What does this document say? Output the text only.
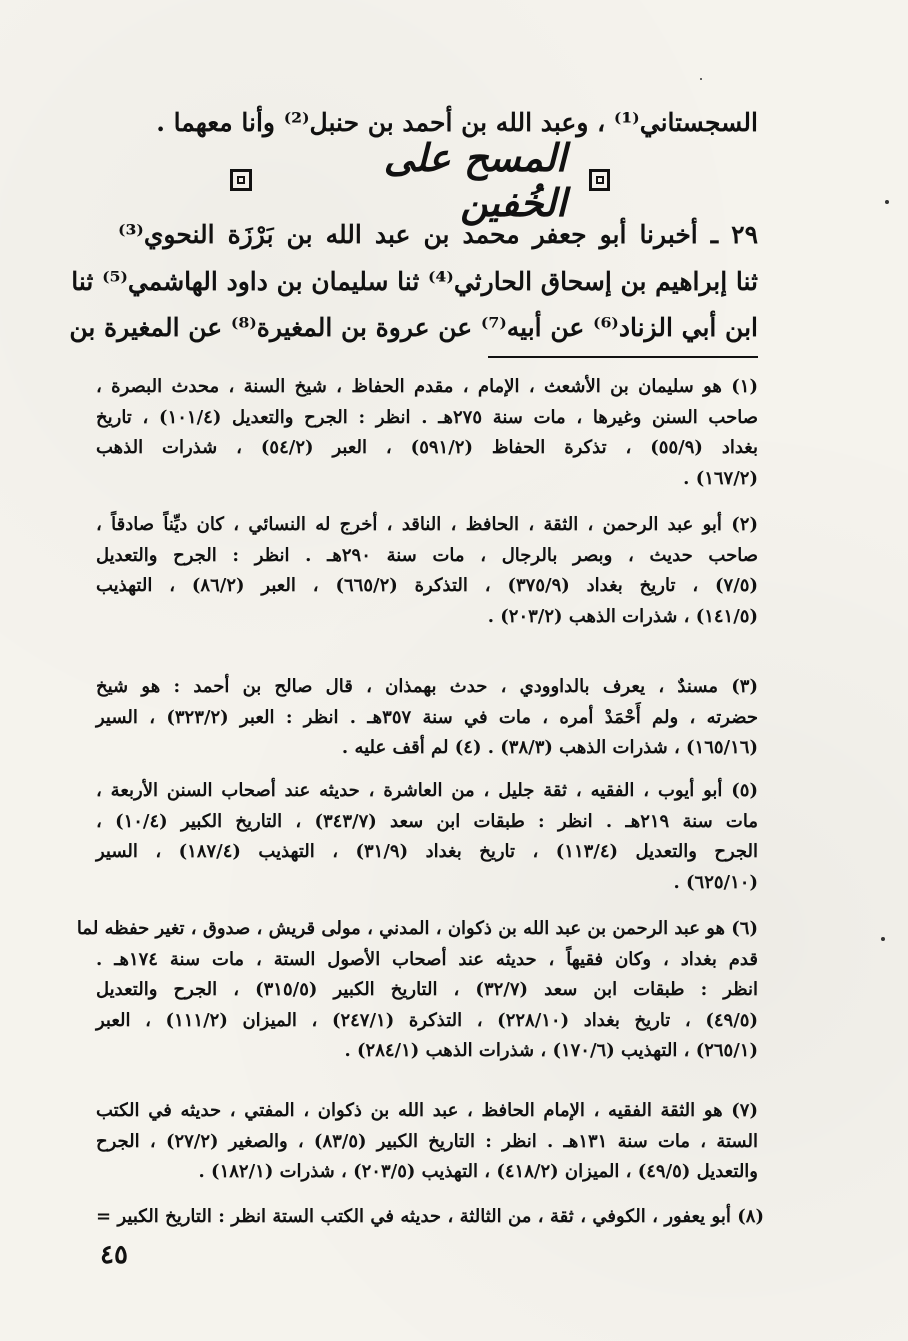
السجستاني⁽¹⁾ ، وعبد الله بن أحمد بن حنبل⁽²⁾ وأنا معهما .
المسح على الخُفين
٢٩ ـ أخبرنا أبو جعفر محمد بن عبد الله بن بَرْزَة النحوي⁽³⁾
ثنا إبراهيم بن إسحاق الحارثي⁽⁴⁾ ثنا سليمان بن داود الهاشمي⁽⁵⁾ ثنا
ابن أبي الزناد⁽⁶⁾ عن أبيه⁽⁷⁾ عن عروة بن المغيرة⁽⁸⁾ عن المغيرة بن
(١) هو سليمان بن الأشعث ، الإمام ، مقدم الحفاظ ، شيخ السنة ، محدث البصرة ،
صاحب السنن وغيرها ، مات سنة ٢٧٥هـ . انظر : الجرح والتعديل (١٠١/٤) ، تاريخ
بغداد (٥٥/٩) ، تذكرة الحفاظ (٥٩١/٢) ، العبر (٥٤/٢) ، شذرات الذهب
(١٦٧/٢) .
(٢) أبو عبد الرحمن ، الثقة ، الحافظ ، الناقد ، أخرج له النسائي ، كان ديِّناً صادقاً ،
صاحب حديث ، وبصر بالرجال ، مات سنة ٢٩٠هـ . انظر : الجرح والتعديل
(٧/٥) ، تاريخ بغداد (٣٧٥/٩) ، التذكرة (٦٦٥/٢) ، العبر (٨٦/٢) ، التهذيب
(١٤١/٥) ، شذرات الذهب (٢٠٣/٢) .
(٣) مسندٌ ، يعرف بالداوودي ، حدث بهمذان ، قال صالح بن أحمد : هو شيخ
حضرته ، ولم أَحْمَدْ أمره ، مات في سنة ٣٥٧هـ . انظر : العبر (٣٢٣/٢) ، السير
(١٦٥/١٦) ، شذرات الذهب (٣٨/٣) . (٤) لم أقف عليه .
(٥) أبو أيوب ، الفقيه ، ثقة جليل ، من العاشرة ، حديثه عند أصحاب السنن الأربعة ،
مات سنة ٢١٩هـ . انظر : طبقات ابن سعد (٣٤٣/٧) ، التاريخ الكبير (١٠/٤) ،
الجرح والتعديل (١١٣/٤) ، تاريخ بغداد (٣١/٩) ، التهذيب (١٨٧/٤) ، السير
(٦٢٥/١٠) .
(٦) هو عبد الرحمن بن عبد الله بن ذكوان ، المدني ، مولى قريش ، صدوق ، تغير حفظه لما
قدم بغداد ، وكان فقيهاً ، حديثه عند أصحاب الأصول الستة ، مات سنة ١٧٤هـ .
انظر : طبقات ابن سعد (٣٢/٧) ، التاريخ الكبير (٣١٥/٥) ، الجرح والتعديل
(٤٩/٥) ، تاريخ بغداد (٢٢٨/١٠) ، التذكرة (٢٤٧/١) ، الميزان (١١١/٢) ، العبر
(٢٦٥/١) ، التهذيب (١٧٠/٦) ، شذرات الذهب (٢٨٤/١) .
(٧) هو الثقة الفقيه ، الإمام الحافظ ، عبد الله بن ذكوان ، المفتي ، حديثه في الكتب
الستة ، مات سنة ١٣١هـ . انظر : التاريخ الكبير (٨٣/٥) ، والصغير (٢٧/٢) ، الجرح
والتعديل (٤٩/٥) ، الميزان (٤١٨/٢) ، التهذيب (٢٠٣/٥) ، شذرات (١٨٢/١) .
(٨) أبو يعفور ، الكوفي ، ثقة ، من الثالثة ، حديثه في الكتب الستة انظر : التاريخ الكبير =
٤٥
